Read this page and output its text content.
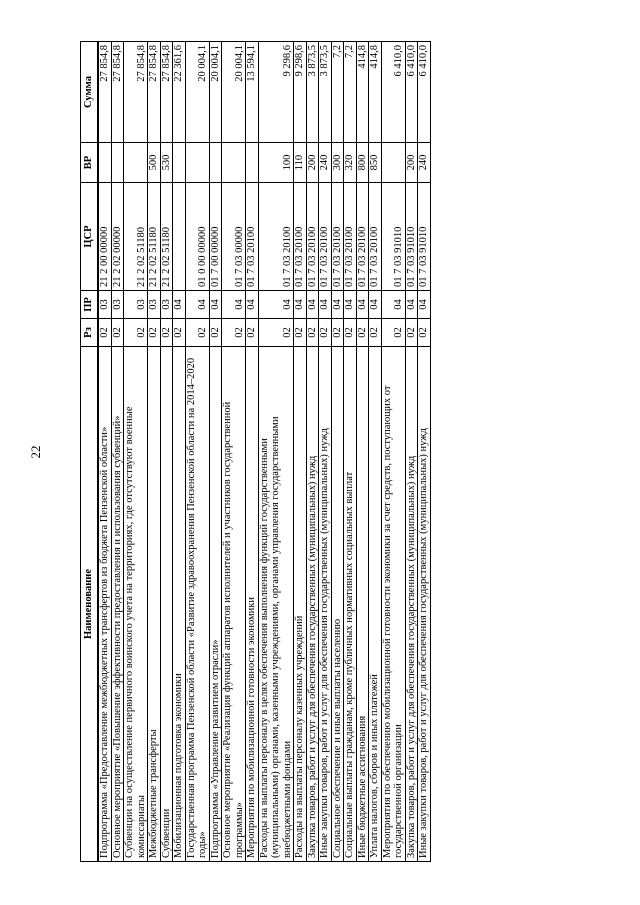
22
Наименование	Рз	ПР	ЦСР	ВР	Сумма
Подпрограмма «Предоставление межбюджетных трансфертов из бюджета Пензенской области»	02	03	21 2 00 00000		27 854,8
Основное мероприятие «Повышение эффективности предоставления и использования субвенций»	02	03	21 2 02 00000		27 854,8
Субвенции на осуществление первичного воинского учета на территориях, где отсутствуют военные комиссариаты	02	03	21 2 02 51180		27 854,8
Межбюджетные трансферты	02	03	21 2 02 51180	500	27 854,8
Субвенции	02	03	21 2 02 51180	530	27 854,8
Мобилизационная подготовка экономики	02	04			22 361,6
Государственная программа Пензенской области «Развитие здравоохранения Пензенской области на 2014–2020 годы»	02	04	01 0 00 00000		20 004,1
Подпрограмма «Управление развитием отрасли»	02	04	01 7 00 00000		20 004,1
Основное мероприятие «Реализация функций аппаратов исполнителей и участников государственной программы»	02	04	01 7 03 00000		20 004,1
Мероприятия по мобилизационной готовности экономики	02	04	01 7 03 20100		13 594,1
Расходы на выплаты персоналу в целях обеспечения выполнения функций государственными (муниципальными) органами, казенными учреждениями, органами управления государственными внебюджетными фондами	02	04	01 7 03 20100	100	9 298,6
Расходы на выплаты персоналу казенных учреждений	02	04	01 7 03 20100	110	9 298,6
Закупка товаров, работ и услуг для обеспечения государственных (муниципальных) нужд	02	04	01 7 03 20100	200	3 873,5
Иные закупки товаров, работ и услуг для обеспечения государственных (муниципальных) нужд	02	04	01 7 03 20100	240	3 873,5
Социальное обеспечение и иные выплаты населению	02	04	01 7 03 20100	300	7,2
Социальные выплаты гражданам, кроме публичных нормативных социальных выплат	02	04	01 7 03 20100	320	7,2
Иные бюджетные ассигнования	02	04	01 7 03 20100	800	414,8
Уплата налогов, сборов и иных платежей	02	04	01 7 03 20100	850	414,8
Мероприятия по обеспечению мобилизационной готовности экономики за счет средств, поступающих от государственной организации	02	04	01 7 03 91010		6 410,0
Закупка товаров, работ и услуг для обеспечения государственных (муниципальных) нужд	02	04	01 7 03 91010	200	6 410,0
Иные закупки товаров, работ и услуг для обеспечения государственных (муниципальных) нужд	02	04	01 7 03 91010	240	6 410,0
